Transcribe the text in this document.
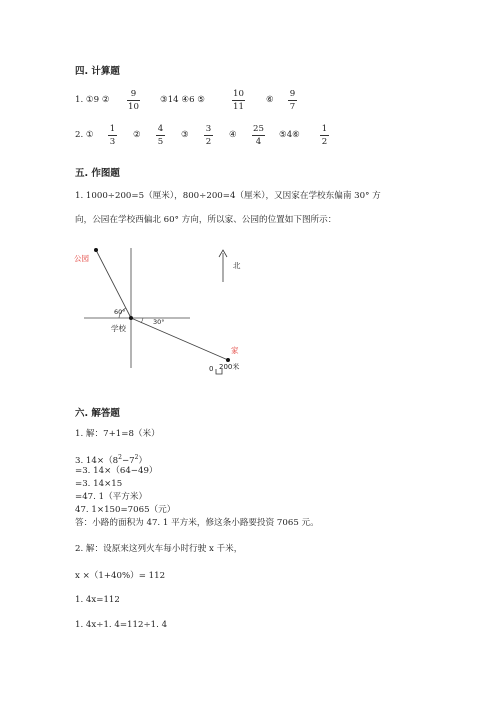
四. 计算题
1. ①9 ②
9
10
③14 ④6 ⑤
10
11
⑥
9
7
2. ①
1
3
②
4
5
③
3
2
④
25
4
⑤4⑥
1
2
五. 作图题
1. 1000÷200=5（厘米），800÷200=4（厘米），又因家在学校东偏南 30° 方
向，公园在学校西偏北 60° 方向，所以家、公园的位置如下图所示：
公园
学校
家
60°
30°
北
0 200米
六. 解答题
1. 解：7+1=8（米）
3. $14\times(8^2-7^2)$
=3. 14×（64−49）
=3. 14×15
=47. 1（平方米）
47. 1×150=7065（元）
答：小路的面积为 47. 1 平方米，修这条小路要投资 7065 元。
2. 解：设原来这列火车每小时行驶 x 千米，
x ×（1+40%）= 112
1. 4x=112
1. 4x÷1. 4=112÷1. 4
